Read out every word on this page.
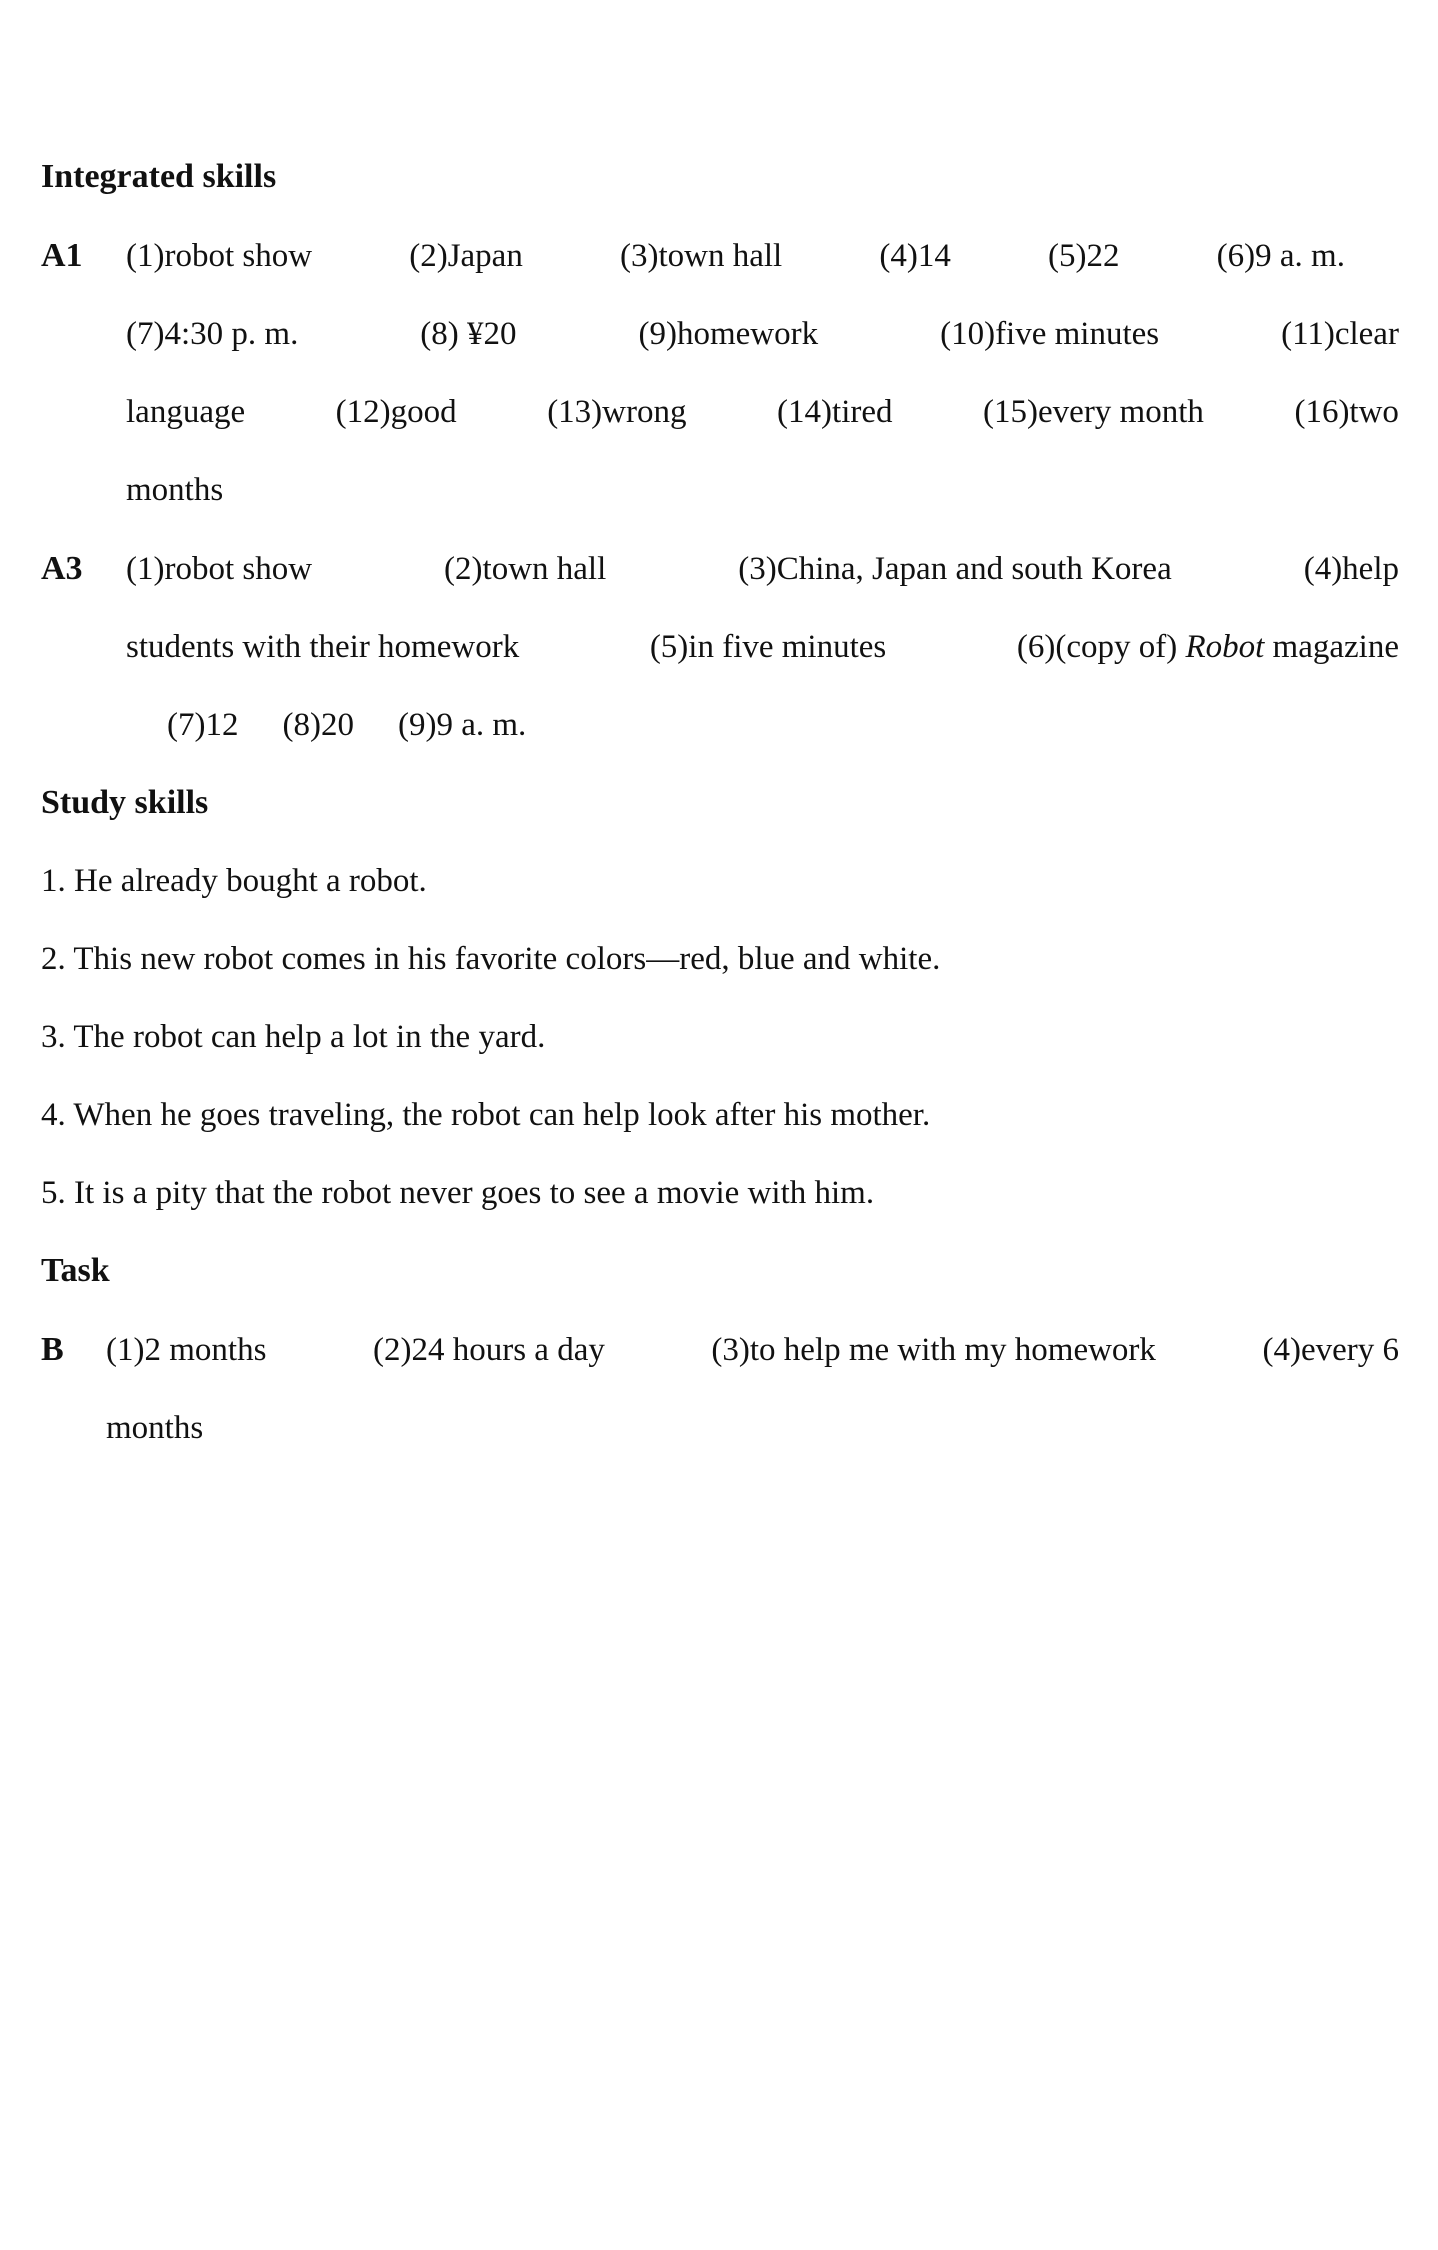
Integrated skills
A1 (1)robot show	(2)Japan	(3)town hall	(4)14	(5)22	(6)9 a. m.
(7)4:30 p. m.	(8) ¥20	(9)homework	(10)five minutes	(11)clear
language	(12)good	(13)wrong	(14)tired	(15)every month	(16)two
months
A3 (1)robot show	(2)town hall	(3)China, Japan and south Korea	(4)help
students with their homework	(5)in five minutes	(6)(copy of) Robot magazine
(7)12 (8)20 (9)9 a. m.
Study skills
1. He already bought a robot.
2. This new robot comes in his favorite colors—red, blue and white.
3. The robot can help a lot in the yard.
4. When he goes traveling, the robot can help look after his mother.
5. It is a pity that the robot never goes to see a movie with him.
Task
B (1)2 months	(2)24 hours a day	(3)to help me with my homework	(4)every 6
months
